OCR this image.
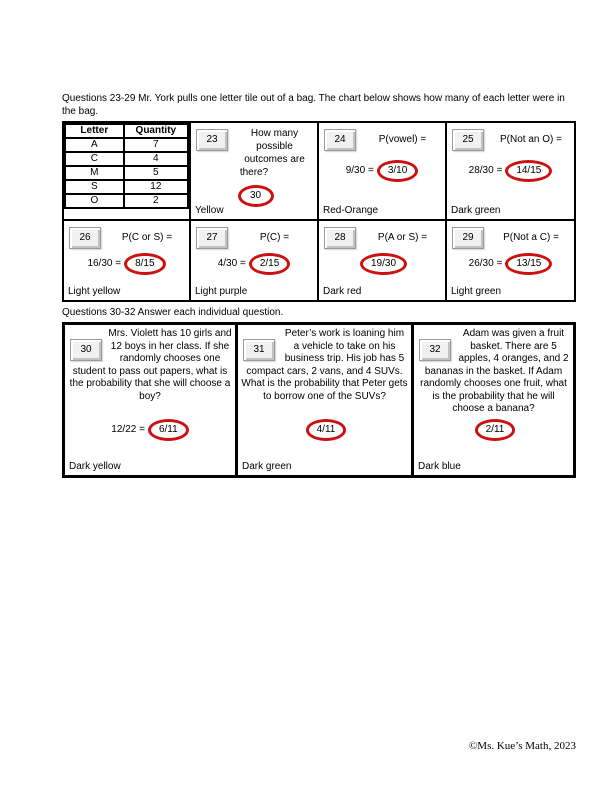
Questions 23-29 Mr. York pulls one letter tile out of a bag. The chart below shows how many of each letter were in the bag.
Letter	Quantity
A	7
C	4
M	5
S	12
O	2
23
How many possible outcomes are there?
30
Yellow
24	P(vowel) =
9/30 = 3/10
Red-Orange
25	P(Not an O) =
28/30 = 14/15
Dark green
26	P(C or S) =
16/30 = 8/15
Light yellow
27	P(C) =
4/30 = 2/15
Light purple
28	P(A or S) =
19/30
Dark red
29	P(Not a C) =
26/30 = 13/15
Light green
Questions 30-32 Answer each individual question.
30
Mrs. Violett has 10 girls and 12 boys in her class. If she randomly chooses one student to pass out papers, what is the probability that she will choose a boy?
12/22 = 6/11
Dark yellow
31
Peter’s work is loaning him a vehicle to take on his business trip. His job has 5 compact cars, 2 vans, and 4 SUVs. What is the probability that Peter gets to borrow one of the SUVs?
4/11
Dark green
32
Adam was given a fruit basket. There are 5 apples, 4 oranges, and 2 bananas in the basket. If Adam randomly chooses one fruit, what is the probability that he will choose a banana?
2/11
Dark blue
©Ms. Kue’s Math, 2023
